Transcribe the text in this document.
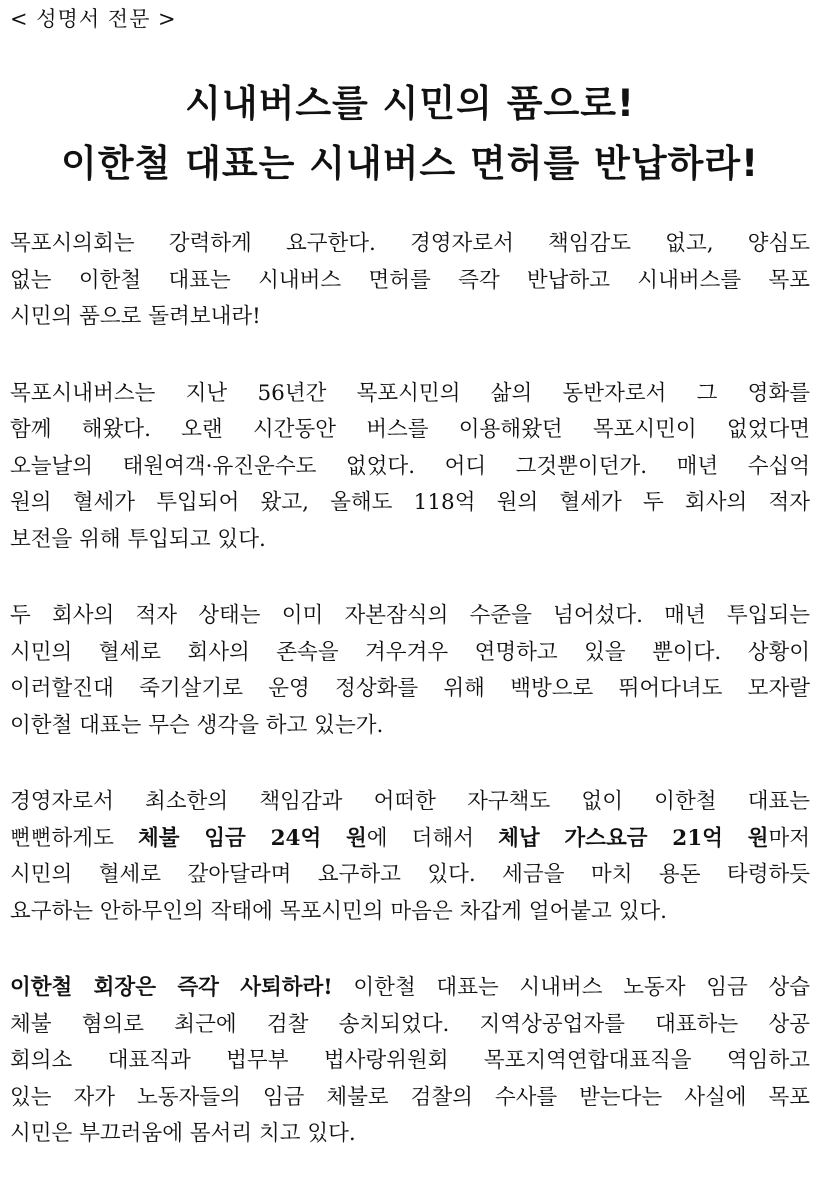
< 성명서 전문 >
시내버스를 시민의 품으로!
이한철 대표는 시내버스 면허를 반납하라!
목포시의회는 강력하게 요구한다. 경영자로서 책임감도 없고, 양심도
없는 이한철 대표는 시내버스 면허를 즉각 반납하고 시내버스를 목포
시민의 품으로 돌려보내라!
목포시내버스는 지난 56년간 목포시민의 삶의 동반자로서 그 영화를
함께 해왔다. 오랜 시간동안 버스를 이용해왔던 목포시민이 없었다면
오늘날의 태원여객·유진운수도 없었다. 어디 그것뿐이던가. 매년 수십억
원의 혈세가 투입되어 왔고, 올해도 118억 원의 혈세가 두 회사의 적자
보전을 위해 투입되고 있다.
두 회사의 적자 상태는 이미 자본잠식의 수준을 넘어섰다. 매년 투입되는
시민의 혈세로 회사의 존속을 겨우겨우 연명하고 있을 뿐이다. 상황이
이러할진대 죽기살기로 운영 정상화를 위해 백방으로 뛰어다녀도 모자랄
이한철 대표는 무슨 생각을 하고 있는가.
경영자로서 최소한의 책임감과 어떠한 자구책도 없이 이한철 대표는
뻔뻔하게도 체불 임금 24억 원에 더해서 체납 가스요금 21억 원마저
시민의 혈세로 갚아달라며 요구하고 있다. 세금을 마치 용돈 타령하듯
요구하는 안하무인의 작태에 목포시민의 마음은 차갑게 얼어붙고 있다.
이한철 회장은 즉각 사퇴하라! 이한철 대표는 시내버스 노동자 임금 상습
체불 혐의로 최근에 검찰 송치되었다. 지역상공업자를 대표하는 상공
회의소 대표직과 법무부 법사랑위원회 목포지역연합대표직을 역임하고
있는 자가 노동자들의 임금 체불로 검찰의 수사를 받는다는 사실에 목포
시민은 부끄러움에 몸서리 치고 있다.
